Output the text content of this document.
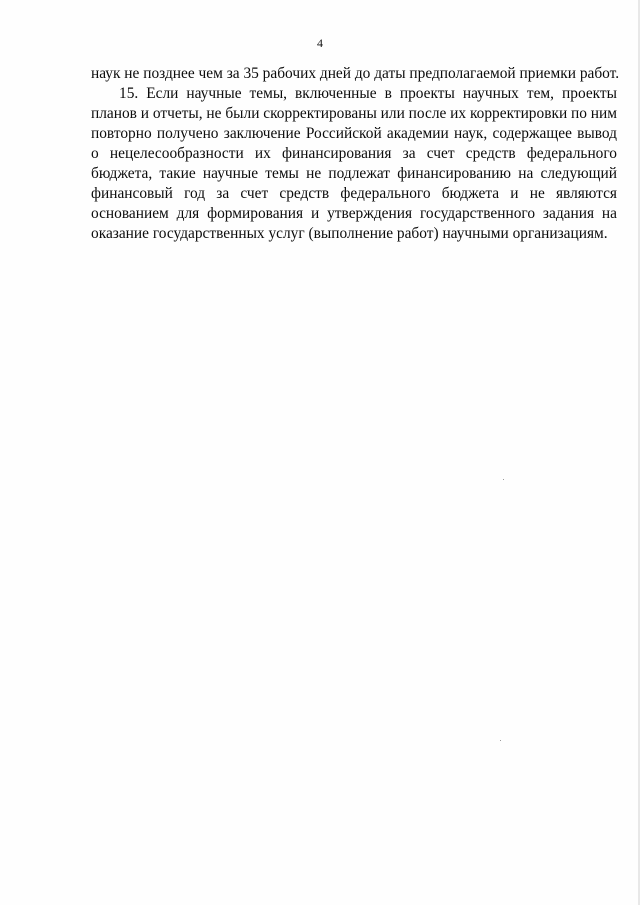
4
наук не позднее чем за 35 рабочих дней до даты предполагаемой приемки работ.
15. Если научные темы, включенные в проекты научных тем, проекты
планов и отчеты, не были скорректированы или после их корректировки по ним
повторно получено заключение Российской академии наук, содержащее вывод
о нецелесообразности их финансирования за счет средств федерального
бюджета, такие научные темы не подлежат финансированию на следующий
финансовый год за счет средств федерального бюджета и не являются
основанием для формирования и утверждения государственного задания на
оказание государственных услуг (выполнение работ) научными организациям.
